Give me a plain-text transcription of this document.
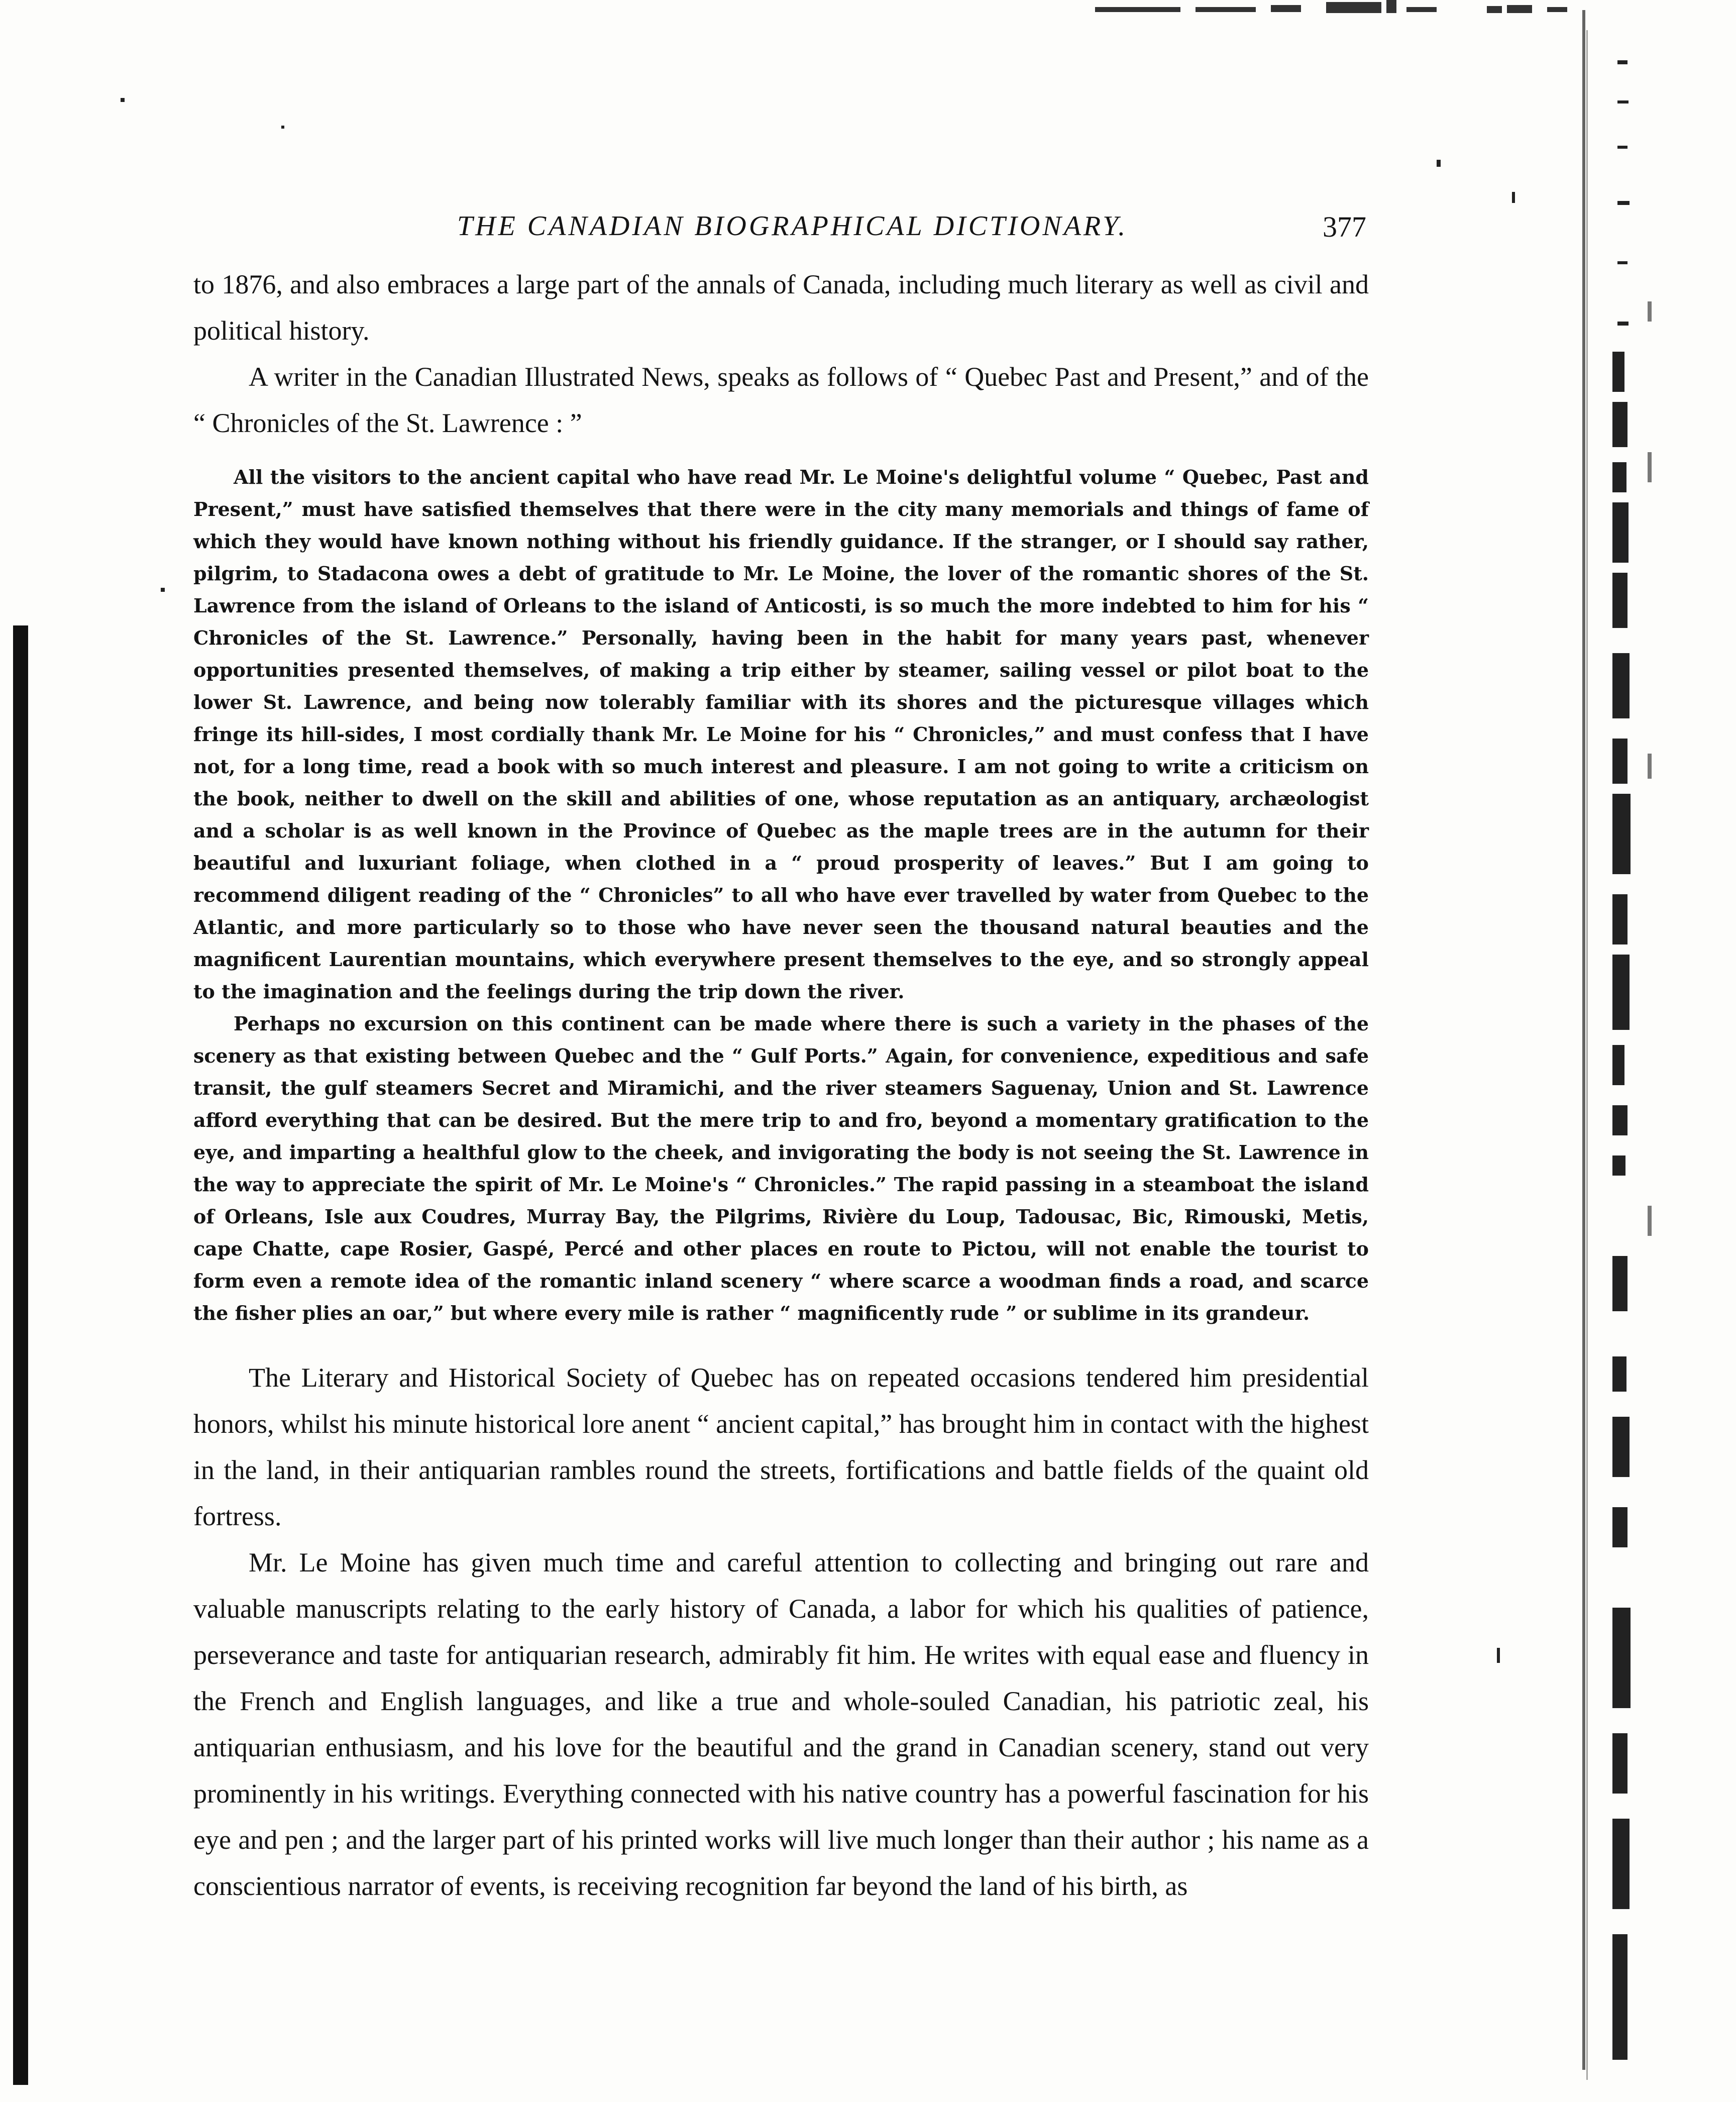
THE CANADIAN BIOGRAPHICAL DICTIONARY.	377

to 1876, and also embraces a large part of the annals of Canada, including much literary as well as civil and political history.

A writer in the Canadian Illustrated News, speaks as follows of “ Quebec Past and Present,” and of the “ Chronicles of the St. Lawrence : ”

All the visitors to the ancient capital who have read Mr. Le Moine's delightful volume “ Quebec, Past and Present,” must have satisfied themselves that there were in the city many memorials and things of fame of which they would have known nothing without his friendly guidance. If the stranger, or I should say rather, pilgrim, to Stadacona owes a debt of gratitude to Mr. Le Moine, the lover of the romantic shores of the St. Lawrence from the island of Orleans to the island of Anticosti, is so much the more indebted to him for his “ Chronicles of the St. Lawrence.” Personally, having been in the habit for many years past, whenever opportunities presented themselves, of making a trip either by steamer, sailing vessel or pilot boat to the lower St. Lawrence, and being now tolerably familiar with its shores and the picturesque villages which fringe its hill-sides, I most cordially thank Mr. Le Moine for his “ Chronicles,” and must confess that I have not, for a long time, read a book with so much interest and pleasure. I am not going to write a criticism on the book, neither to dwell on the skill and abilities of one, whose reputation as an antiquary, archæologist and a scholar is as well known in the Province of Quebec as the maple trees are in the autumn for their beautiful and luxuriant foliage, when clothed in a “ proud prosperity of leaves.” But I am going to recommend diligent reading of the “ Chronicles” to all who have ever travelled by water from Quebec to the Atlantic, and more particularly so to those who have never seen the thousand natural beauties and the magnificent Laurentian mountains, which everywhere present themselves to the eye, and so strongly appeal to the imagination and the feelings during the trip down the river.

Perhaps no excursion on this continent can be made where there is such a variety in the phases of the scenery as that existing between Quebec and the “ Gulf Ports.” Again, for convenience, expeditious and safe transit, the gulf steamers Secret and Miramichi, and the river steamers Saguenay, Union and St. Lawrence afford everything that can be desired. But the mere trip to and fro, beyond a momentary gratification to the eye, and imparting a healthful glow to the cheek, and invigorating the body is not seeing the St. Lawrence in the way to appreciate the spirit of Mr. Le Moine's “ Chronicles.” The rapid passing in a steamboat the island of Orleans, Isle aux Coudres, Murray Bay, the Pilgrims, Rivière du Loup, Tadousac, Bic, Rimouski, Metis, cape Chatte, cape Rosier, Gaspé, Percé and other places en route to Pictou, will not enable the tourist to form even a remote idea of the romantic inland scenery “ where scarce a woodman finds a road, and scarce the fisher plies an oar,” but where every mile is rather “ magnificently rude ” or sublime in its grandeur.

The Literary and Historical Society of Quebec has on repeated occasions tendered him presidential honors, whilst his minute historical lore anent “ ancient capital,” has brought him in contact with the highest in the land, in their antiquarian rambles round the streets, fortifications and battle fields of the quaint old fortress.

Mr. Le Moine has given much time and careful attention to collecting and bringing out rare and valuable manuscripts relating to the early history of Canada, a labor for which his qualities of patience, perseverance and taste for antiquarian research, admirably fit him. He writes with equal ease and fluency in the French and English languages, and like a true and whole-souled Canadian, his patriotic zeal, his antiquarian enthusiasm, and his love for the beautiful and the grand in Canadian scenery, stand out very prominently in his writings. Everything connected with his native country has a powerful fascination for his eye and pen ; and the larger part of his printed works will live much longer than their author ; his name as a conscientious narrator of events, is receiving recognition far beyond the land of his birth, as
